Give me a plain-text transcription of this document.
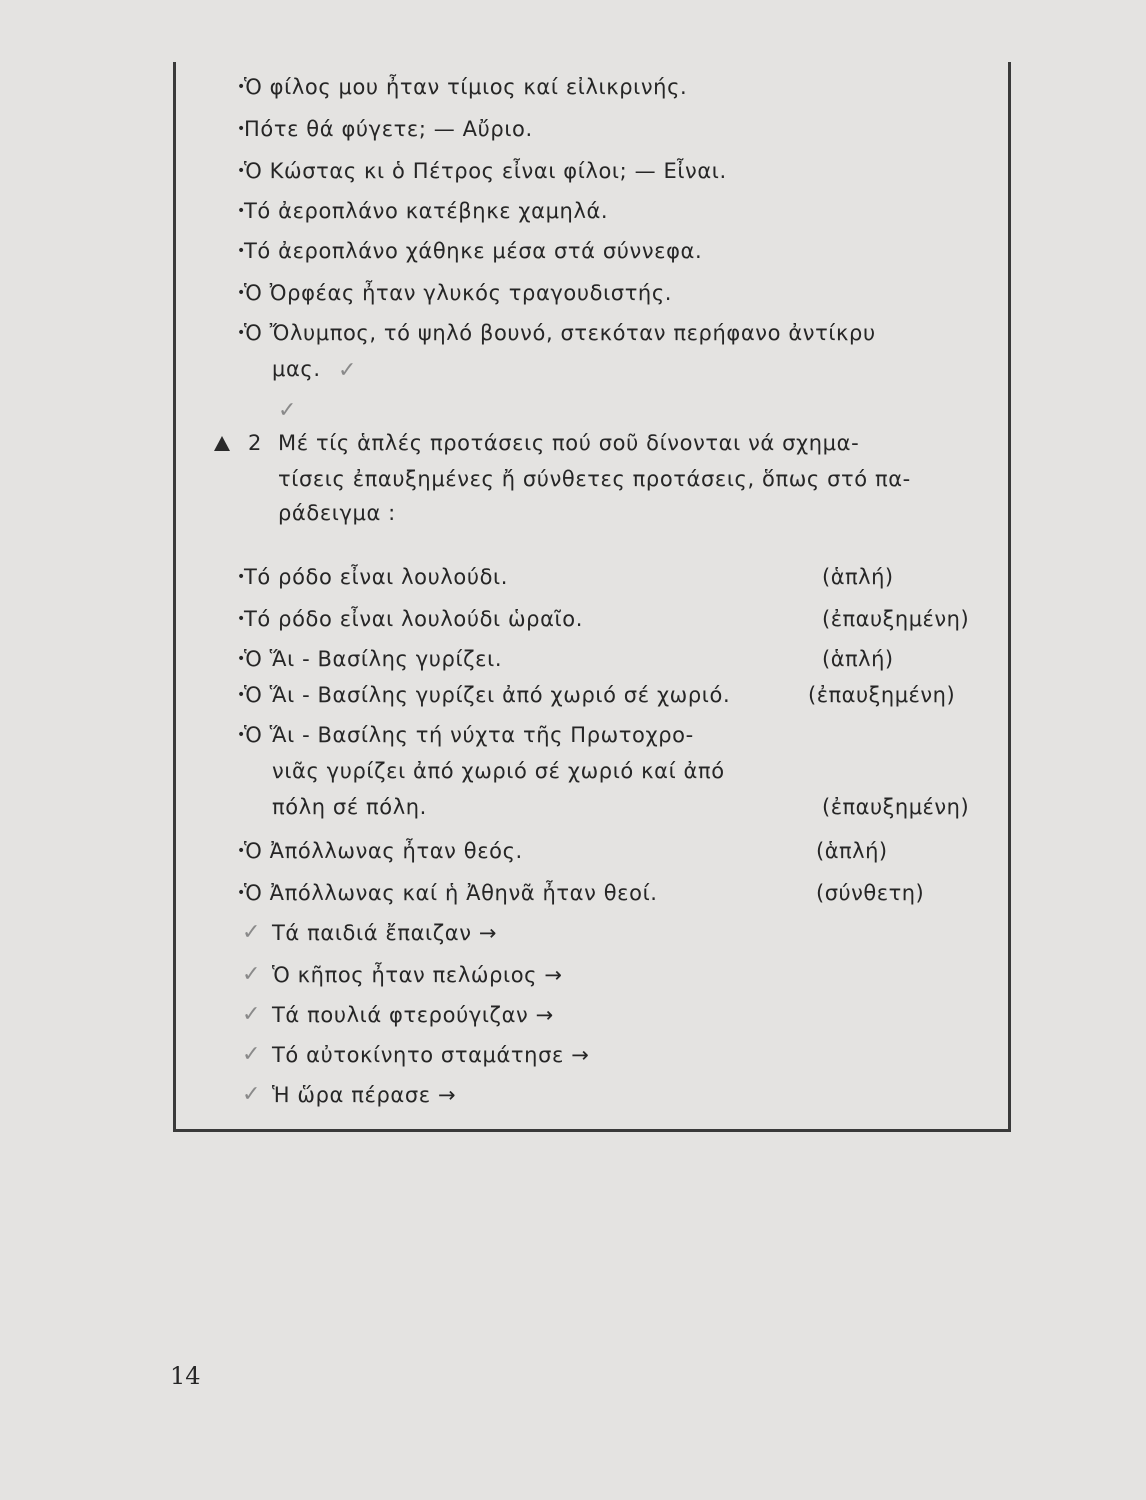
•
Ὁ φίλος μου ἦταν τίμιος καί εἰλικρινής.
•
Πότε θά φύγετε; — Αὔριο.
•
Ὁ Κώστας κι ὁ Πέτρος εἶναι φίλοι; — Εἶναι.
•
Τό ἀεροπλάνο κατέβηκε χαμηλά.
•
Τό ἀεροπλάνο χάθηκε μέσα στά σύννεφα.
•
Ὁ Ὀρφέας ἦταν γλυκός τραγουδιστής.
•
Ὁ Ὄλυμπος, τό ψηλό βουνό, στεκόταν περήφανο ἀντίκρυ
μας. ✓
✓
2 Μέ τίς ἁπλές προτάσεις πού σοῦ δίνονται νά σχημα-
τίσεις ἐπαυξημένες ἤ σύνθετες προτάσεις, ὅπως στό πα-
ράδειγμα :
•
Τό ρόδο εἶναι λουλούδι.	(ἁπλή)
•
Τό ρόδο εἶναι λουλούδι ὡραῖο.	(ἐπαυξημένη)
•
Ὁ Ἅι - Βασίλης γυρίζει.	(ἁπλή)
•
Ὁ Ἅι - Βασίλης γυρίζει ἀπό χωριό σέ χωριό.	(ἐπαυξημένη)
•
Ὁ Ἅι - Βασίλης τή νύχτα τῆς Πρωτοχρο-
νιᾶς γυρίζει ἀπό χωριό σέ χωριό καί ἀπό
πόλη σέ πόλη.	(ἐπαυξημένη)
•
Ὁ Ἀπόλλωνας ἦταν θεός.	(ἁπλή)
•
Ὁ Ἀπόλλωνας καί ἡ Ἀθηνᾶ ἦταν θεοί.	(σύνθετη)
✓ Τά παιδιά ἔπαιζαν →
✓ Ὁ κῆπος ἦταν πελώριος →
✓ Τά πουλιά φτερούγιζαν →
✓ Τό αὐτοκίνητο σταμάτησε →
✓ Ἡ ὥρα πέρασε →
14
